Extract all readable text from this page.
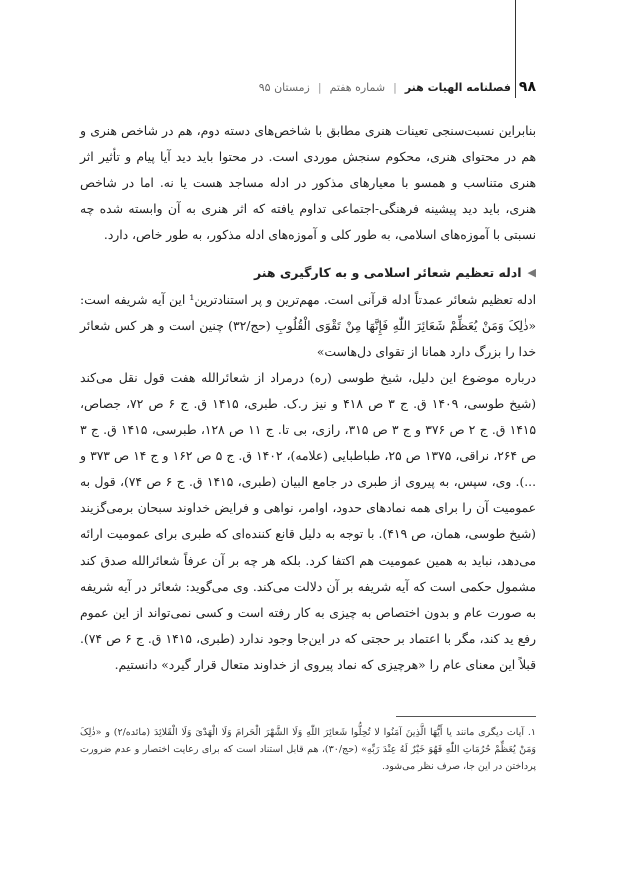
۹۸
فصلنامه الهیات هنر
|
شماره هفتم
|
زمستان ۹۵

بنابراین نسبت‌سنجی تعینات هنری مطابق با شاخص‌های دسته دوم، هم در شاخص هنری و هم در محتوای هنری، محکوم سنجش موردی است. در محتوا باید دید آیا پیام و تأثیر اثر هنری متناسب و همسو با معیارهای مذکور در ادله مساجد هست یا نه. اما در شاخص هنری، باید دید پیشینه فرهنگی-اجتماعی تداوم یافته که اثر هنری به آن وابسته شده چه نسبتی با آموزه‌های اسلامی، به طور کلی و آموزه‌های ادله مذکور، به طور خاص، دارد.

◀
ادله تعظیم شعائر اسلامی و به کارگیری هنر

ادله تعظیم شعائر عمدتاً ادله قرآنی است. مهم‌ترین و پر استنادترین¹ این آیه شریفه است: «ذٰلِکَ وَمَنْ یُعَظِّمْ شَعَائِرَ اللّٰهِ فَإِنَّهَا مِنْ تَقْوَی الْقُلُوبِ (حج/۳۲) چنین است و هر کس شعائر خدا را بزرگ دارد همانا از تقوای دل‌هاست»

درباره موضوع این دلیل، شیخ طوسی (ره) درمراد از شعائرالله هفت قول نقل می‌کند (شیخ طوسی، ۱۴۰۹ ق. ج ۳ ص ۴۱۸ و نیز ر.ک. طبری، ۱۴۱۵ ق. ج ۶ ص ۷۲، جصاص، ۱۴۱۵ ق. ج ۲ ص ۳۷۶ و ج ۳ ص ۳۱۵، رازی، بی تا. ج ۱۱ ص ۱۲۸، طبرسی، ۱۴۱۵ ق. ج ۳ ص ۲۶۴، نراقی، ۱۳۷۵ ص ۲۵، طباطبایی (علامه)، ۱۴۰۲ ق. ج ۵ ص ۱۶۲ و ج ۱۴ ص ۳۷۳ و ...). وی، سپس، به پیروی از طبری در جامع البیان (طبری، ۱۴۱۵ ق. ج ۶ ص ۷۴)، قول به عمومیت آن را برای همه نمادهای حدود، اوامر، نواهی و فرایض خداوند سبحان برمی‌گزیند (شیخ طوسی، همان، ص ۴۱۹). با توجه به دلیل قانع کننده‌ای که طبری برای عمومیت ارائه می‌دهد، نباید به همین عمومیت هم اکتفا کرد. بلکه هر چه بر آن عرفاً شعائرالله صدق کند مشمول حکمی است که آیه شریفه بر آن دلالت می‌کند. وی می‌گوید: شعائر در آیه شریفه به صورت عام و بدون اختصاص به چیزی به کار رفته است و کسی نمی‌تواند از این عموم رفع ید کند، مگر با اعتماد بر حجتی که در این‌جا وجود ندارد (طبری، ۱۴۱۵ ق. ج ۶ ص ۷۴). قبلاً این معنای عام را «هرچیزی که نماد پیروی از خداوند متعال قرار گیرد» دانستیم.

۱. آیات دیگری مانند یا أَیُّهَا الَّذِینَ آمَنُوا لا تُحِلُّوا شَعائِرَ اللّٰهِ وَلَا الشَّهْرَ الْحَرامَ وَلَا الْهَدْیَ وَلَا الْقَلائِدَ (مائده/۲) و «ذٰلِکَ وَمَنْ یُعَظِّمْ حُرُمَاتِ اللّٰهِ فَهُوَ خَیْرٌ لَهُ عِنْدَ رَبِّهِ» (حج/۳۰)، هم قابل استناد است که برای رعایت اختصار و عدم ضرورت پرداختن در این جا، صرف نظر می‌شود.
